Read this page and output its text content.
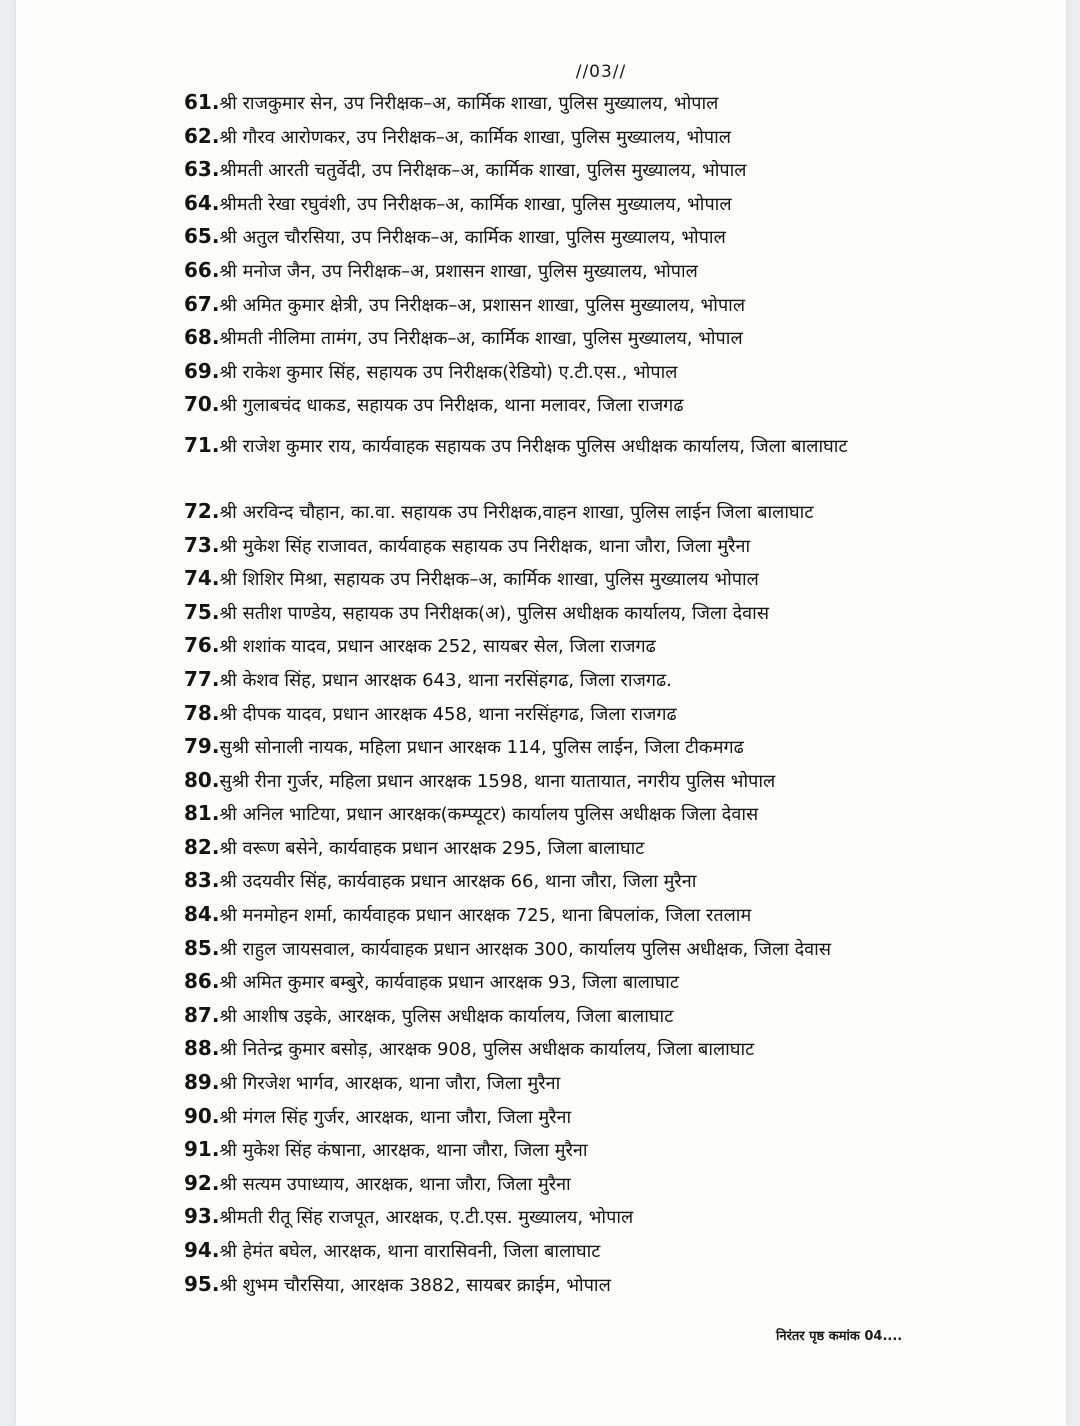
//03//
61.श्री राजकुमार सेन, उप निरीक्षक–अ, कार्मिक शाखा, पुलिस मुख्यालय, भोपाल
62.श्री गौरव आरोणकर, उप निरीक्षक–अ, कार्मिक शाखा, पुलिस मुख्यालय, भोपाल
63.श्रीमती आरती चतुर्वेदी, उप निरीक्षक–अ, कार्मिक शाखा, पुलिस मुख्यालय, भोपाल
64.श्रीमती रेखा रघुवंशी, उप निरीक्षक–अ, कार्मिक शाखा, पुलिस मुख्यालय, भोपाल
65.श्री अतुल चौरसिया, उप निरीक्षक–अ, कार्मिक शाखा, पुलिस मुख्यालय, भोपाल
66.श्री मनोज जैन, उप निरीक्षक–अ, प्रशासन शाखा, पुलिस मुख्यालय, भोपाल
67.श्री अमित कुमार क्षेत्री, उप निरीक्षक–अ, प्रशासन शाखा, पुलिस मुख्यालय, भोपाल
68.श्रीमती नीलिमा तामंग, उप निरीक्षक–अ, कार्मिक शाखा, पुलिस मुख्यालय, भोपाल
69.श्री राकेश कुमार सिंह, सहायक उप निरीक्षक(रेडियो) ए.टी.एस., भोपाल
70.श्री गुलाबचंद धाकड, सहायक उप निरीक्षक, थाना मलावर, जिला राजगढ
71.श्री राजेश कुमार राय, कार्यवाहक सहायक उप निरीक्षक पुलिस अधीक्षक कार्यालय, जिला बालाघाट
72.श्री अरविन्द चौहान, का.वा. सहायक उप निरीक्षक,वाहन शाखा, पुलिस लाईन जिला बालाघाट
73.श्री मुकेश सिंह राजावत, कार्यवाहक सहायक उप निरीक्षक, थाना जौरा, जिला मुरैना
74.श्री शिशिर मिश्रा, सहायक उप निरीक्षक–अ, कार्मिक शाखा, पुलिस मुख्यालय भोपाल
75.श्री सतीश पाण्डेय, सहायक उप निरीक्षक(अ), पुलिस अधीक्षक कार्यालय, जिला देवास
76.श्री शशांक यादव, प्रधान आरक्षक 252, सायबर सेल, जिला राजगढ
77.श्री केशव सिंह, प्रधान आरक्षक 643, थाना नरसिंहगढ, जिला राजगढ.
78.श्री दीपक यादव, प्रधान आरक्षक 458, थाना नरसिंहगढ, जिला राजगढ
79.सुश्री सोनाली नायक, महिला प्रधान आरक्षक 114, पुलिस लाईन, जिला टीकमगढ
80.सुश्री रीना गुर्जर, महिला प्रधान आरक्षक 1598, थाना यातायात, नगरीय पुलिस भोपाल
81.श्री अनिल भाटिया, प्रधान आरक्षक(कम्प्यूटर) कार्यालय पुलिस अधीक्षक जिला देवास
82.श्री वरूण बसेने, कार्यवाहक प्रधान आरक्षक 295, जिला बालाघाट
83.श्री उदयवीर सिंह, कार्यवाहक प्रधान आरक्षक 66, थाना जौरा, जिला मुरैना
84.श्री मनमोहन शर्मा, कार्यवाहक प्रधान आरक्षक 725, थाना बिपलांक, जिला रतलाम
85.श्री राहुल जायसवाल, कार्यवाहक प्रधान आरक्षक 300, कार्यालय पुलिस अधीक्षक, जिला देवास
86.श्री अमित कुमार बम्बुरे, कार्यवाहक प्रधान आरक्षक 93, जिला बालाघाट
87.श्री आशीष उइके, आरक्षक, पुलिस अधीक्षक कार्यालय, जिला बालाघाट
88.श्री नितेन्द्र कुमार बसोड़, आरक्षक 908, पुलिस अधीक्षक कार्यालय, जिला बालाघाट
89.श्री गिरजेश भार्गव, आरक्षक, थाना जौरा, जिला मुरैना
90.श्री मंगल सिंह गुर्जर, आरक्षक, थाना जौरा, जिला मुरैना
91.श्री मुकेश सिंह कंषाना, आरक्षक, थाना जौरा, जिला मुरैना
92.श्री सत्यम उपाध्याय, आरक्षक, थाना जौरा, जिला मुरैना
93.श्रीमती रीतू सिंह राजपूत, आरक्षक, ए.टी.एस. मुख्यालय, भोपाल
94.श्री हेमंत बघेल, आरक्षक, थाना वारासिवनी, जिला बालाघाट
95.श्री शुभम चौरसिया, आरक्षक 3882, सायबर क्राईम, भोपाल
निरंतर पृष्ठ कमांक 04....
